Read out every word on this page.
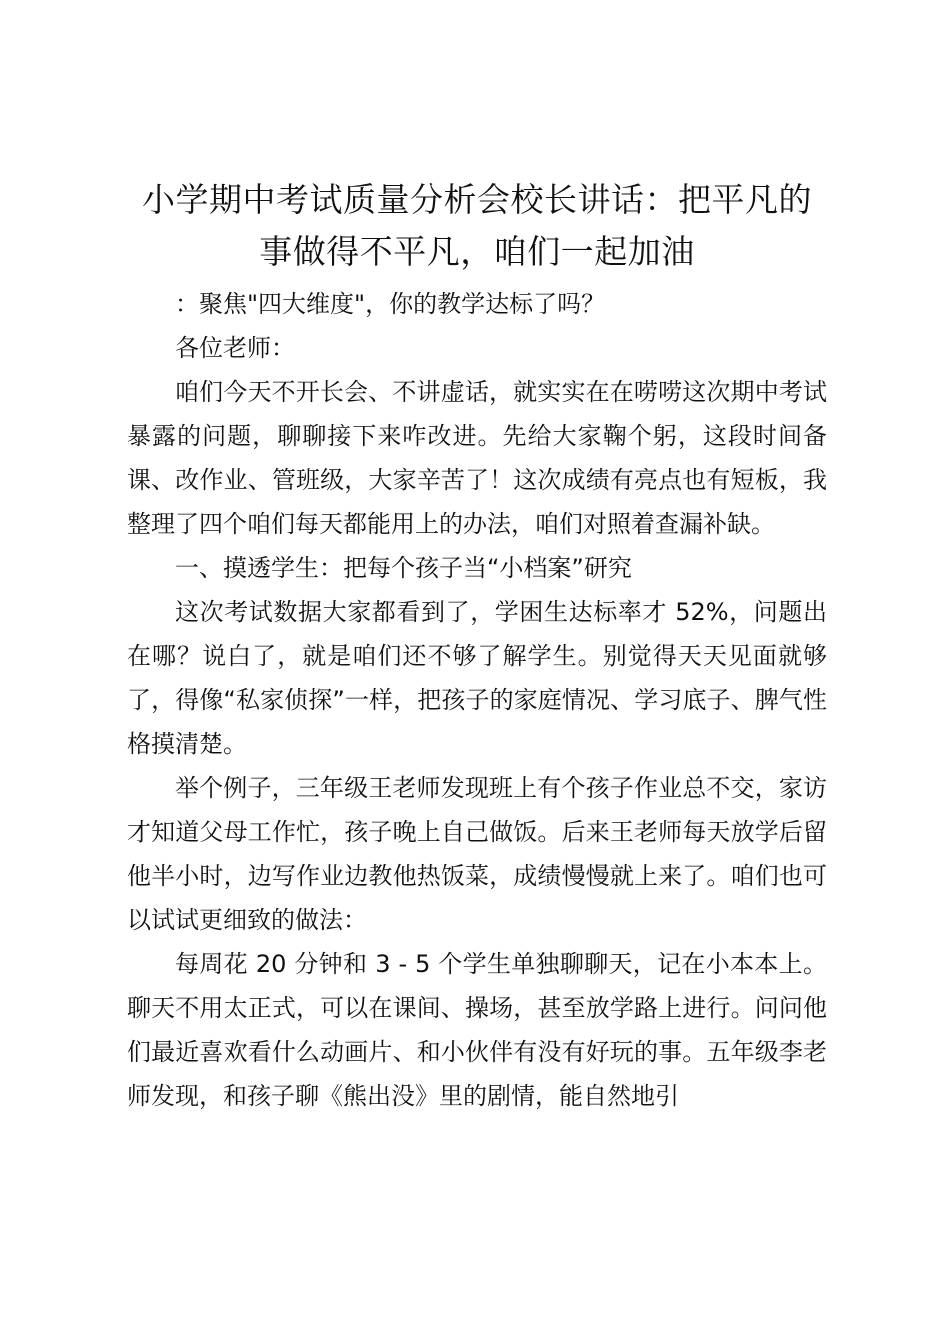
小学期中考试质量分析会校长讲话：把平凡的事做得不平凡，咱们一起加油

：聚焦"四大维度"，你的教学达标了吗？

各位老师：

咱们今天不开长会、不讲虚话，就实实在在唠唠这次期中考试暴露的问题，聊聊接下来咋改进。先给大家鞠个躬，这段时间备课、改作业、管班级，大家辛苦了！这次成绩有亮点也有短板，我整理了四个咱们每天都能用上的办法，咱们对照着查漏补缺。

一、摸透学生：把每个孩子当“小档案”研究

这次考试数据大家都看到了，学困生达标率才 52%，问题出在哪？说白了，就是咱们还不够了解学生。别觉得天天见面就够了，得像“私家侦探”一样，把孩子的家庭情况、学习底子、脾气性格摸清楚。

举个例子，三年级王老师发现班上有个孩子作业总不交，家访才知道父母工作忙，孩子晚上自己做饭。后来王老师每天放学后留他半小时，边写作业边教他热饭菜，成绩慢慢就上来了。咱们也可以试试更细致的做法：

每周花 20 分钟和 3 - 5 个学生单独聊聊天，记在小本本上。聊天不用太正式，可以在课间、操场，甚至放学路上进行。问问他们最近喜欢看什么动画片、和小伙伴有没有好玩的事。五年级李老师发现，和孩子聊《熊出没》里的剧情，能自然地引
